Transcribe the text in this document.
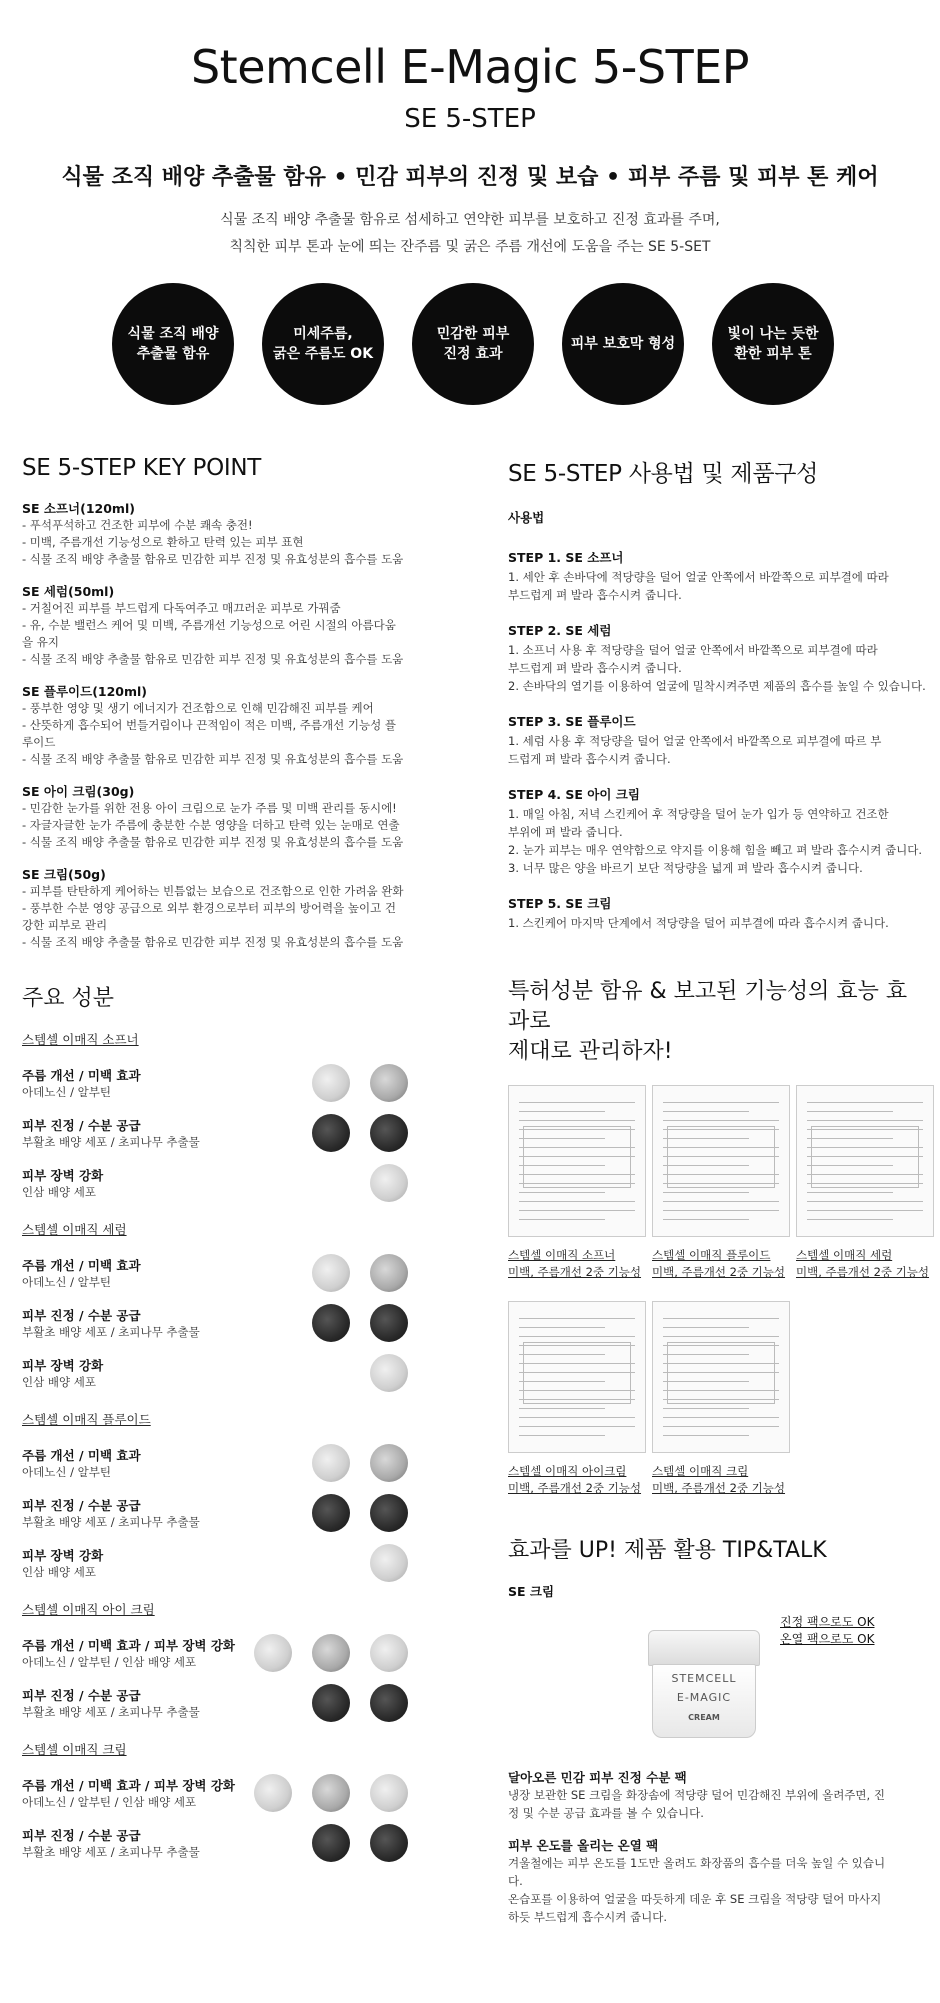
Stemcell E-Magic 5-STEP
SE 5-STEP
식물 조직 배양 추출물 함유 • 민감 피부의 진정 및 보습 • 피부 주름 및 피부 톤 케어
식물 조직 배양 추출물 함유로 섬세하고 연약한 피부를 보호하고 진정 효과를 주며,
칙칙한 피부 톤과 눈에 띄는 잔주름 및 굵은 주름 개선에 도움을 주는 SE 5-SET
식물 조직 배양
추출물 함유
미세주름,
굵은 주름도 OK
민감한 피부
진정 효과
피부 보호막 형성
빛이 나는 듯한
환한 피부 톤
SE 5-STEP KEY POINT
SE 소프너(120ml)
- 푸석푸석하고 건조한 피부에 수분 쾌속 충전!
- 미백, 주름개선 기능성으로 환하고 탄력 있는 피부 표현
- 식물 조직 배양 추출물 함유로 민감한 피부 진정 및 유효성분의 흡수를 도움
SE 세럼(50ml)
- 거칠어진 피부를 부드럽게 다독여주고 매끄러운 피부로 가꿔줌
- 유, 수분 밸런스 케어 및 미백, 주름개선 기능성으로 어린 시절의 아름다움
을 유지
- 식물 조직 배양 추출물 함유로 민감한 피부 진정 및 유효성분의 흡수를 도움
SE 플루이드(120ml)
- 풍부한 영양 및 생기 에너지가 건조함으로 인해 민감해진 피부를 케어
- 산뜻하게 흡수되어 번들거림이나 끈적임이 적은 미백, 주름개선 기능성 플
루이드
- 식물 조직 배양 추출물 함유로 민감한 피부 진정 및 유효성분의 흡수를 도움
SE 아이 크림(30g)
- 민감한 눈가를 위한 전용 아이 크림으로 눈가 주름 및 미백 관리를 동시에!
- 자글자글한 눈가 주름에 충분한 수분 영양을 더하고 탄력 있는 눈매로 연출
- 식물 조직 배양 추출물 함유로 민감한 피부 진정 및 유효성분의 흡수를 도움
SE 크림(50g)
- 피부를 탄탄하게 케어하는 빈틈없는 보습으로 건조함으로 인한 가려움 완화
- 풍부한 수분 영양 공급으로 외부 환경으로부터 피부의 방어력을 높이고 건
강한 피부로 관리
- 식물 조직 배양 추출물 함유로 민감한 피부 진정 및 유효성분의 흡수를 도움
주요 성분
스템셀 이매직 소프너
주름 개선 / 미백 효과
아데노신 / 알부틴
피부 진정 / 수분 공급
부활초 배양 세포 / 초피나무 추출물
피부 장벽 강화
인삼 배양 세포
스템셀 이매직 세럼
주름 개선 / 미백 효과
아데노신 / 알부틴
피부 진정 / 수분 공급
부활초 배양 세포 / 초피나무 추출물
피부 장벽 강화
인삼 배양 세포
스템셀 이매직 플루이드
주름 개선 / 미백 효과
아데노신 / 알부틴
피부 진정 / 수분 공급
부활초 배양 세포 / 초피나무 추출물
피부 장벽 강화
인삼 배양 세포
스템셀 이매직 아이 크림
주름 개선 / 미백 효과 / 피부 장벽 강화
아데노신 / 알부틴 / 인삼 배양 세포
피부 진정 / 수분 공급
부활초 배양 세포 / 초피나무 추출물
스템셀 이매직 크림
주름 개선 / 미백 효과 / 피부 장벽 강화
아데노신 / 알부틴 / 인삼 배양 세포
피부 진정 / 수분 공급
부활초 배양 세포 / 초피나무 추출물
SE 5-STEP 사용법 및 제품구성
사용법
STEP 1. SE 소프너
1. 세안 후 손바닥에 적당량을 덜어 얼굴 안쪽에서 바깥쪽으로 피부결에 따라
부드럽게 펴 발라 흡수시켜 줍니다.
STEP 2. SE 세럼
1. 소프너 사용 후 적당량을 덜어 얼굴 안쪽에서 바깥쪽으로 피부결에 따라
부드럽게 펴 발라 흡수시켜 줍니다.
2. 손바닥의 열기를 이용하여 얼굴에 밀착시켜주면 제품의 흡수를 높일 수 있습니다.
STEP 3. SE 플루이드
1. 세럼 사용 후 적당량을 덜어 얼굴 안쪽에서 바깥쪽으로 피부결에 따르 부
드럽게 펴 발라 흡수시켜 줍니다.
STEP 4. SE 아이 크림
1. 매일 아침, 저녁 스킨케어 후 적당량을 덜어 눈가 입가 등 연약하고 건조한
부위에 펴 발라 줍니다.
2. 눈가 피부는 매우 연약함으로 약지를 이용해 힘을 빼고 펴 발라 흡수시켜 줍니다.
3. 너무 많은 양을 바르기 보단 적당량을 넓게 펴 발라 흡수시켜 줍니다.
STEP 5. SE 크림
1. 스킨케어 마지막 단계에서 적당량을 덜어 피부결에 따라 흡수시켜 줍니다.
특허성분 함유 & 보고된 기능성의 효능 효과로
제대로 관리하자!
스템셀 이매직 소프너
미백, 주름개선 2중 기능성
스템셀 이매직 플루이드
미백, 주름개선 2중 기능성
스템셀 이매직 세럼
미백, 주름개선 2중 기능성
스템셀 이매직 아이크림
미백, 주름개선 2중 기능성
스템셀 이매직 크림
미백, 주름개선 2중 기능성
효과를 UP! 제품 활용 TIP&TALK
SE 크림
STEMCELL
E-MAGIC
CREAM
진정 팩으로도 OK
온열 팩으로도 OK
달아오른 민감 피부 진정 수분 팩
냉장 보관한 SE 크림을 화장솜에 적당량 덜어 민감해진 부위에 올려주면, 진
정 및 수분 공급 효과를 볼 수 있습니다.
피부 온도를 올리는 온열 팩
겨울철에는 피부 온도를 1도만 올려도 화장품의 흡수를 더욱 높일 수 있습니
다.
온습포를 이용하여 얼굴을 따듯하게 데운 후 SE 크림을 적당량 덜어 마사지
하듯 부드럽게 흡수시켜 줍니다.
